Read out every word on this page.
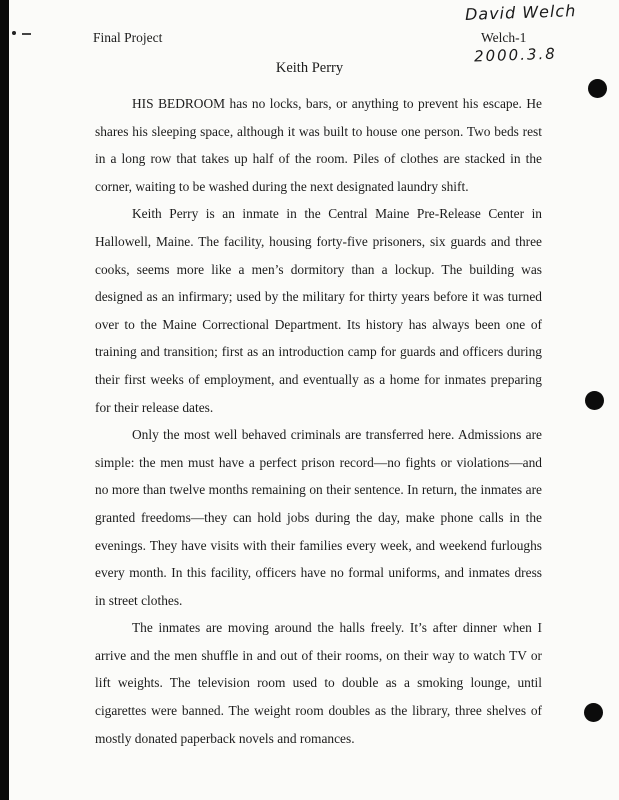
Final Project
David Welch
Welch-1
2000.3.8
Keith Perry

HIS BEDROOM has no locks, bars, or anything to prevent his escape. He shares his sleeping space, although it was built to house one person. Two beds rest in a long row that takes up half of the room. Piles of clothes are stacked in the corner, waiting to be washed during the next designated laundry shift.

Keith Perry is an inmate in the Central Maine Pre-Release Center in Hallowell, Maine. The facility, housing forty-five prisoners, six guards and three cooks, seems more like a men’s dormitory than a lockup. The building was designed as an infirmary; used by the military for thirty years before it was turned over to the Maine Correctional Department. Its history has always been one of training and transition; first as an introduction camp for guards and officers during their first weeks of employment, and eventually as a home for inmates preparing for their release dates.

Only the most well behaved criminals are transferred here. Admissions are simple: the men must have a perfect prison record—no fights or violations—and no more than twelve months remaining on their sentence. In return, the inmates are granted freedoms—they can hold jobs during the day, make phone calls in the evenings. They have visits with their families every week, and weekend furloughs every month. In this facility, officers have no formal uniforms, and inmates dress in street clothes.

The inmates are moving around the halls freely. It’s after dinner when I arrive and the men shuffle in and out of their rooms, on their way to watch TV or lift weights. The television room used to double as a smoking lounge, until cigarettes were banned. The weight room doubles as the library, three shelves of mostly donated paperback novels and romances.
